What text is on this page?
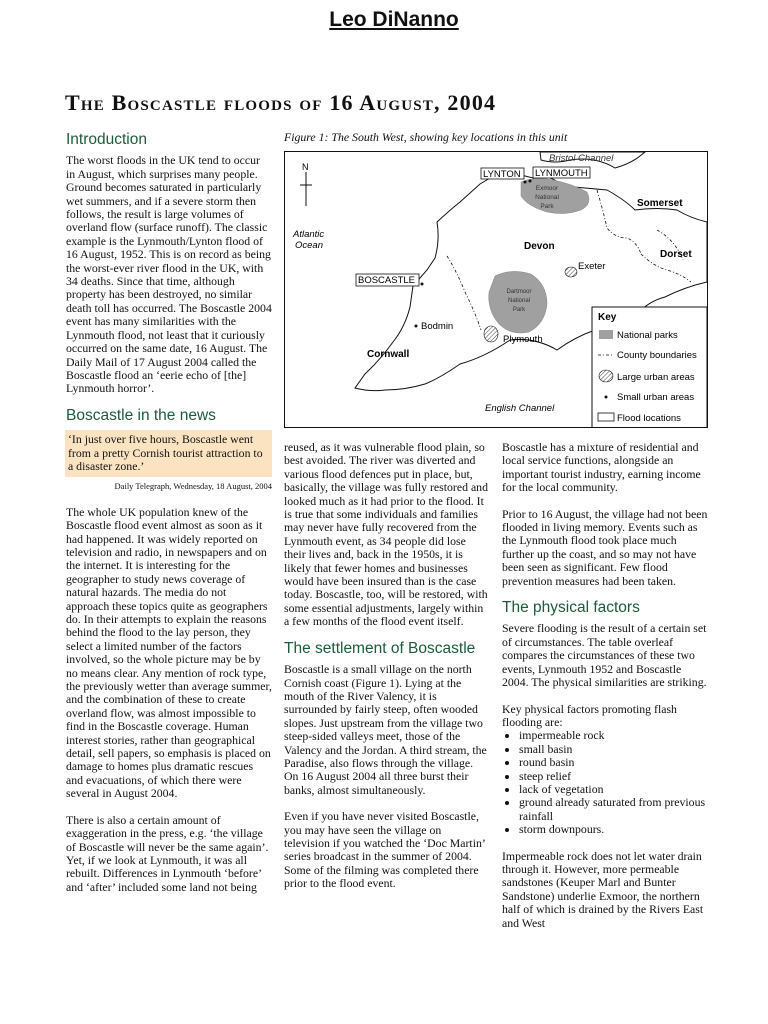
Leo DiNanno
The Boscastle floods of 16 August, 2004
Introduction

The worst floods in the UK tend to occur in August, which surprises many people. Ground becomes saturated in particularly wet summers, and if a severe storm then follows, the result is large volumes of overland flow (surface runoff). The classic example is the Lynmouth/Lynton flood of 16 August, 1952. This is on record as being the worst-ever river flood in the UK, with 34 deaths. Since that time, although property has been destroyed, no similar death toll has occurred. The Boscastle 2004 event has many similarities with the Lynmouth flood, not least that it curiously occurred on the same date, 16 August. The Daily Mail of 17 August 2004 called the Boscastle flood an ‘eerie echo of [the] Lynmouth horror’.

Boscastle in the news
‘In just over five hours, Boscastle went from a pretty Cornish tourist attraction to a disaster zone.’
Daily Telegraph, Wednesday, 18 August, 2004

The whole UK population knew of the Boscastle flood event almost as soon as it had happened. It was widely reported on television and radio, in newspapers and on the internet. It is interesting for the geographer to study news coverage of natural hazards. The media do not approach these topics quite as geographers do. In their attempts to explain the reasons behind the flood to the lay person, they select a limited number of the factors involved, so the whole picture may be by no means clear. Any mention of rock type, the previously wetter than average summer, and the combination of these to create overland flow, was almost impossible to find in the Boscastle coverage. Human interest stories, rather than geographical detail, sell papers, so emphasis is placed on damage to homes plus dramatic rescues and evacuations, of which there were several in August 2004.

There is also a certain amount of exaggeration in the press, e.g. ‘the village of Boscastle will never be the same again’. Yet, if we look at Lynmouth, it was all rebuilt. Differences in Lynmouth ‘before’ and ‘after’ included some land not being

Figure 1: The South West, showing key locations in this unit
N
LYNTON LYNMOUTH
BOSCASTLE
Bristol Channel
Exmoor
National
Park	Somerset
Atlantic
Ocean	Devon
Dorset
Exeter
Dartmoor
National
Park
Bodmin
Plymouth
Cornwall
English Channel
Key
National parks
County boundaries
Large urban areas
Small urban areas
Flood locations

reused, as it was vulnerable flood plain, so best avoided. The river was diverted and various flood defences put in place, but, basically, the village was fully restored and looked much as it had prior to the flood. It is true that some individuals and families may never have fully recovered from the Lynmouth event, as 34 people did lose their lives and, back in the 1950s, it is likely that fewer homes and businesses would have been insured than is the case today. Boscastle, too, will be restored, with some essential adjustments, largely within a few months of the flood event itself.

The settlement of Boscastle

Boscastle is a small village on the north Cornish coast (Figure 1). Lying at the mouth of the River Valency, it is surrounded by fairly steep, often wooded slopes. Just upstream from the village two steep-sided valleys meet, those of the Valency and the Jordan. A third stream, the Paradise, also flows through the village. On 16 August 2004 all three burst their banks, almost simultaneously.

Even if you have never visited Boscastle, you may have seen the village on television if you watched the ‘Doc Martin’ series broadcast in the summer of 2004. Some of the filming was completed there prior to the flood event.

Boscastle has a mixture of residential and local service functions, alongside an important tourist industry, earning income for the local community.

Prior to 16 August, the village had not been flooded in living memory. Events such as the Lynmouth flood took place much further up the coast, and so may not have been seen as significant. Few flood prevention measures had been taken.

The physical factors

Severe flooding is the result of a certain set of circumstances. The table overleaf compares the circumstances of these two events, Lynmouth 1952 and Boscastle 2004. The physical similarities are striking.

Key physical factors promoting flash flooding are:

• impermeable rock
• small basin
• round basin
• steep relief
• lack of vegetation
• ground already saturated from previous rainfall
• storm downpours.

Impermeable rock does not let water drain through it. However, more permeable sandstones (Keuper Marl and Bunter Sandstone) underlie Exmoor, the northern half of which is drained by the Rivers East and West
